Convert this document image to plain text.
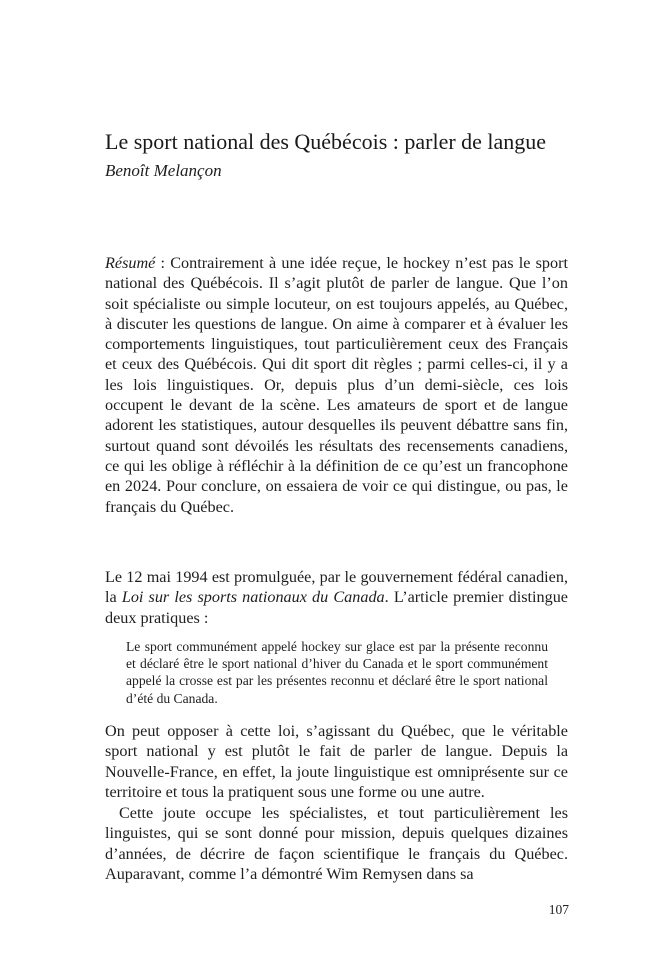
Le sport national des Québécois : parler de langue

Benoît Melançon

Résumé : Contrairement à une idée reçue, le hockey n’est pas le sport national des Québécois. Il s’agit plutôt de parler de langue. Que l’on soit spécialiste ou simple locuteur, on est toujours appelés, au Québec, à discuter les questions de langue. On aime à comparer et à évaluer les comportements linguistiques, tout particulièrement ceux des Français et ceux des Québécois. Qui dit sport dit règles ; parmi celles-ci, il y a les lois linguistiques. Or, depuis plus d’un demi-siècle, ces lois occupent le devant de la scène. Les amateurs de sport et de langue adorent les statistiques, autour desquelles ils peuvent débattre sans fin, surtout quand sont dévoilés les résultats des recensements canadiens, ce qui les oblige à réfléchir à la définition de ce qu’est un francophone en 2024. Pour conclure, on essaiera de voir ce qui distingue, ou pas, le français du Québec.

Le 12 mai 1994 est promulguée, par le gouvernement fédéral canadien, la Loi sur les sports nationaux du Canada. L’article premier distingue deux pratiques :

Le sport communément appelé hockey sur glace est par la présente reconnu et déclaré être le sport national d’hiver du Canada et le sport communément appelé la crosse est par les présentes reconnu et déclaré être le sport national d’été du Canada.

On peut opposer à cette loi, s’agissant du Québec, que le véritable sport national y est plutôt le fait de parler de langue. Depuis la Nouvelle-France, en effet, la joute linguistique est omniprésente sur ce territoire et tous la pratiquent sous une forme ou une autre.

Cette joute occupe les spécialistes, et tout particulièrement les linguistes, qui se sont donné pour mission, depuis quelques dizaines d’années, de décrire de façon scientifique le français du Québec. Auparavant, comme l’a démontré Wim Remysen dans sa

107
